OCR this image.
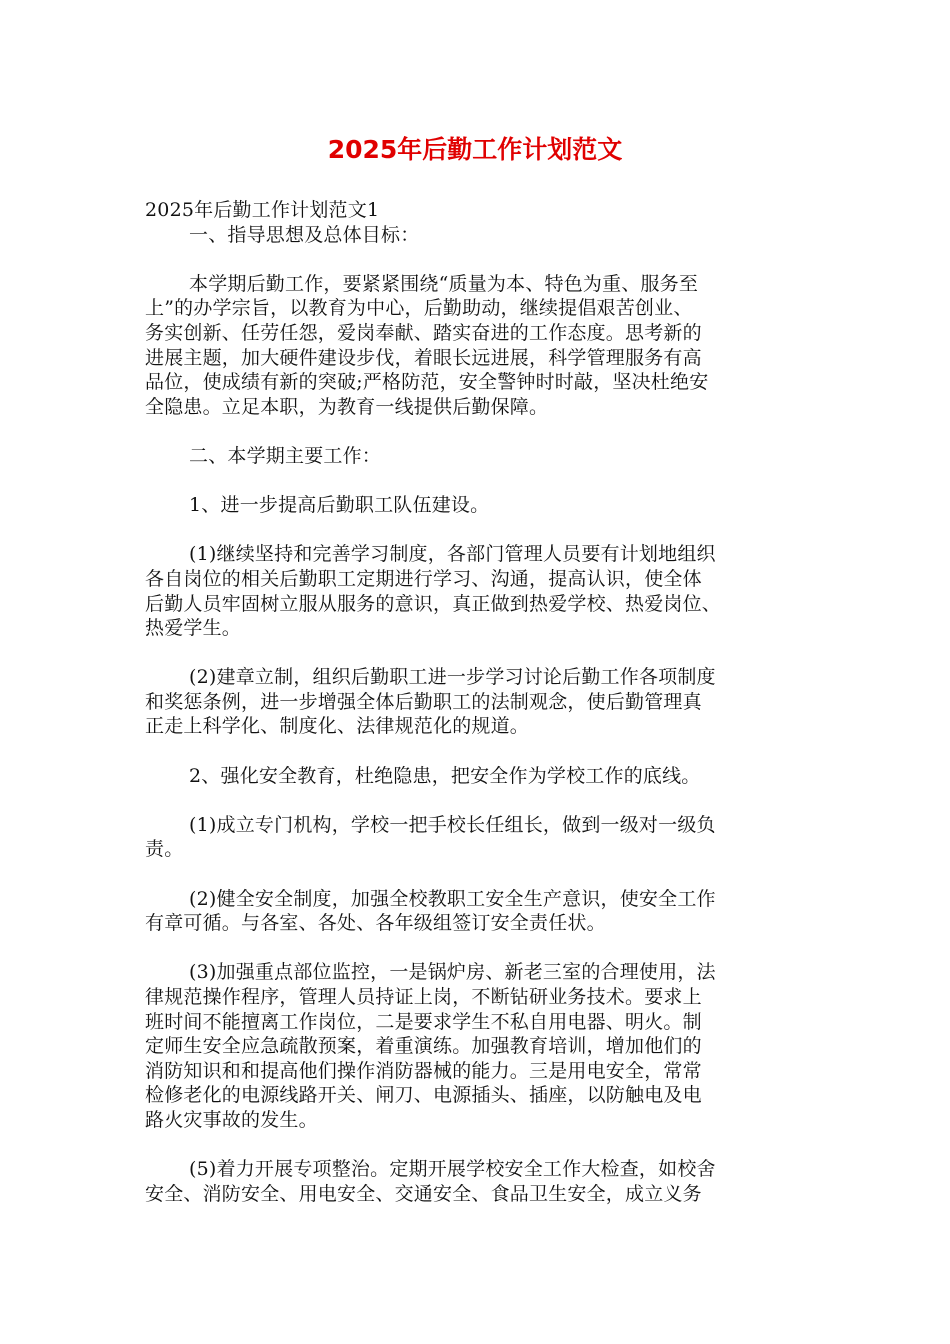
2025年后勤工作计划范文
2025年后勤工作计划范文1
一、指导思想及总体目标：
本学期后勤工作，要紧紧围绕“质量为本、特色为重、服务至
上”的办学宗旨，以教育为中心，后勤助动，继续提倡艰苦创业、
务实创新、任劳任怨，爱岗奉献、踏实奋进的工作态度。思考新的
进展主题，加大硬件建设步伐，着眼长远进展，科学管理服务有高
品位，使成绩有新的突破;严格防范，安全警钟时时敲，坚决杜绝安
全隐患。立足本职，为教育一线提供后勤保障。
二、本学期主要工作：
1、进一步提高后勤职工队伍建设。
(1)继续坚持和完善学习制度，各部门管理人员要有计划地组织
各自岗位的相关后勤职工定期进行学习、沟通，提高认识，使全体
后勤人员牢固树立服从服务的意识，真正做到热爱学校、热爱岗位、
热爱学生。
(2)建章立制，组织后勤职工进一步学习讨论后勤工作各项制度
和奖惩条例，进一步增强全体后勤职工的法制观念，使后勤管理真
正走上科学化、制度化、法律规范化的规道。
2、强化安全教育，杜绝隐患，把安全作为学校工作的底线。
(1)成立专门机构，学校一把手校长任组长，做到一级对一级负
责。
(2)健全安全制度，加强全校教职工安全生产意识，使安全工作
有章可循。与各室、各处、各年级组签订安全责任状。
(3)加强重点部位监控，一是锅炉房、新老三室的合理使用，法
律规范操作程序，管理人员持证上岗，不断钻研业务技术。要求上
班时间不能擅离工作岗位，二是要求学生不私自用电器、明火。制
定师生安全应急疏散预案，着重演练。加强教育培训，增加他们的
消防知识和和提高他们操作消防器械的能力。三是用电安全，常常
检修老化的电源线路开关、闸刀、电源插头、插座，以防触电及电
路火灾事故的发生。
(5)着力开展专项整治。定期开展学校安全工作大检查，如校舍
安全、消防安全、用电安全、交通安全、食品卫生安全，成立义务
